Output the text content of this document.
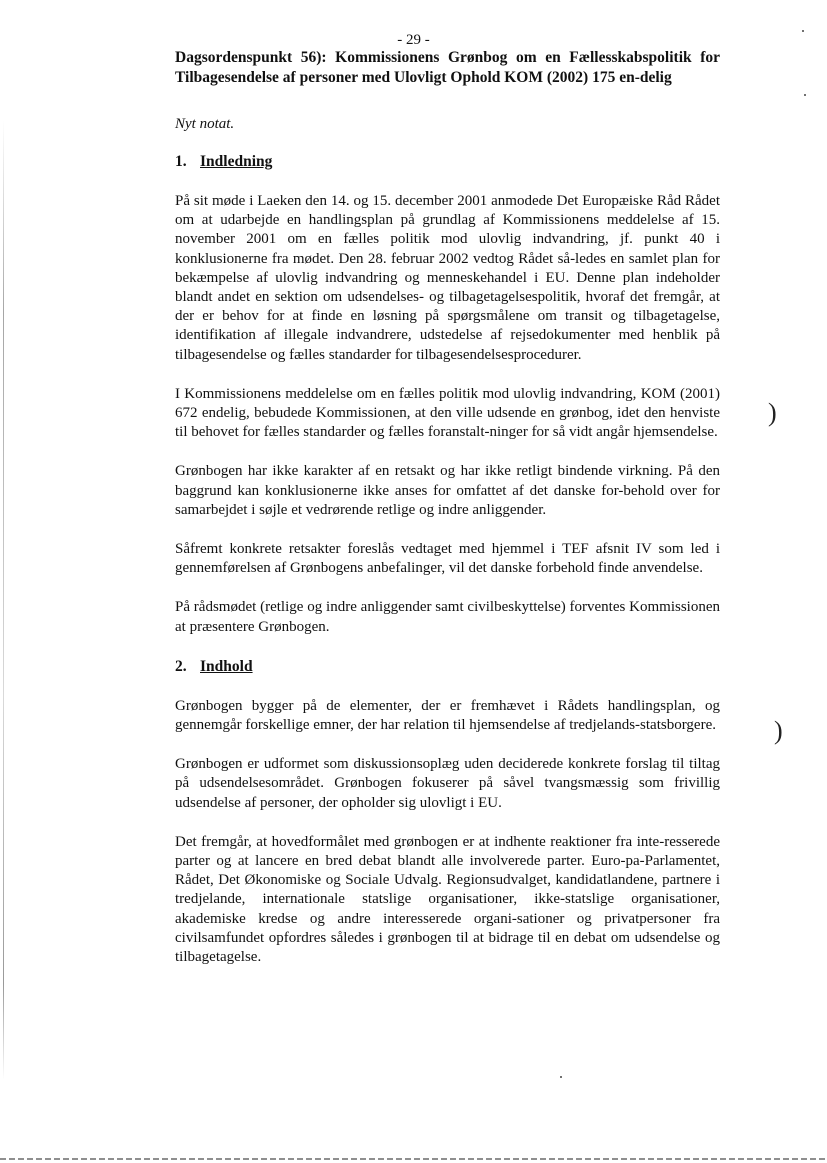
- 29 -
Dagsordenspunkt 56): Kommissionens Grønbog om en Fællesskabspolitik for Tilbagesendelse af personer med Ulovligt Ophold KOM (2002) 175 en-delig
Nyt notat.
1. Indledning

På sit møde i Laeken den 14. og 15. december 2001 anmodede Det Europæiske Råd Rådet om at udarbejde en handlingsplan på grundlag af Kommissionens meddelelse af 15. november 2001 om en fælles politik mod ulovlig indvandring, jf. punkt 40 i konklusionerne fra mødet. Den 28. februar 2002 vedtog Rådet så-ledes en samlet plan for bekæmpelse af ulovlig indvandring og menneskehandel i EU. Denne plan indeholder blandt andet en sektion om udsendelses- og tilbagetagelsespolitik, hvoraf det fremgår, at der er behov for at finde en løsning på spørgsmålene om transit og tilbagetagelse, identifikation af illegale indvandrere, udstedelse af rejsedokumenter med henblik på tilbagesendelse og fælles standarder for tilbagesendelsesprocedurer.

I Kommissionens meddelelse om en fælles politik mod ulovlig indvandring, KOM (2001) 672 endelig, bebudede Kommissionen, at den ville udsende en grønbog, idet den henviste til behovet for fælles standarder og fælles foranstalt-ninger for så vidt angår hjemsendelse.

Grønbogen har ikke karakter af en retsakt og har ikke retligt bindende virkning. På den baggrund kan konklusionerne ikke anses for omfattet af det danske for-behold over for samarbejdet i søjle et vedrørende retlige og indre anliggender.

Såfremt konkrete retsakter foreslås vedtaget med hjemmel i TEF afsnit IV som led i gennemførelsen af Grønbogens anbefalinger, vil det danske forbehold finde anvendelse.

På rådsmødet (retlige og indre anliggender samt civilbeskyttelse) forventes Kommissionen at præsentere Grønbogen.

2. Indhold

Grønbogen bygger på de elementer, der er fremhævet i Rådets handlingsplan, og gennemgår forskellige emner, der har relation til hjemsendelse af tredjelands-statsborgere.

Grønbogen er udformet som diskussionsoplæg uden deciderede konkrete forslag til tiltag på udsendelsesområdet. Grønbogen fokuserer på såvel tvangsmæssig som frivillig udsendelse af personer, der opholder sig ulovligt i EU.

Det fremgår, at hovedformålet med grønbogen er at indhente reaktioner fra inte-resserede parter og at lancere en bred debat blandt alle involverede parter. Euro-pa-Parlamentet, Rådet, Det Økonomiske og Sociale Udvalg. Regionsudvalget, kandidatlandene, partnere i tredjelande, internationale statslige organisationer, ikke-statslige organisationer, akademiske kredse og andre interesserede organi-sationer og privatpersoner fra civilsamfundet opfordres således i grønbogen til at bidrage til en debat om udsendelse og tilbagetagelse.

)
)
